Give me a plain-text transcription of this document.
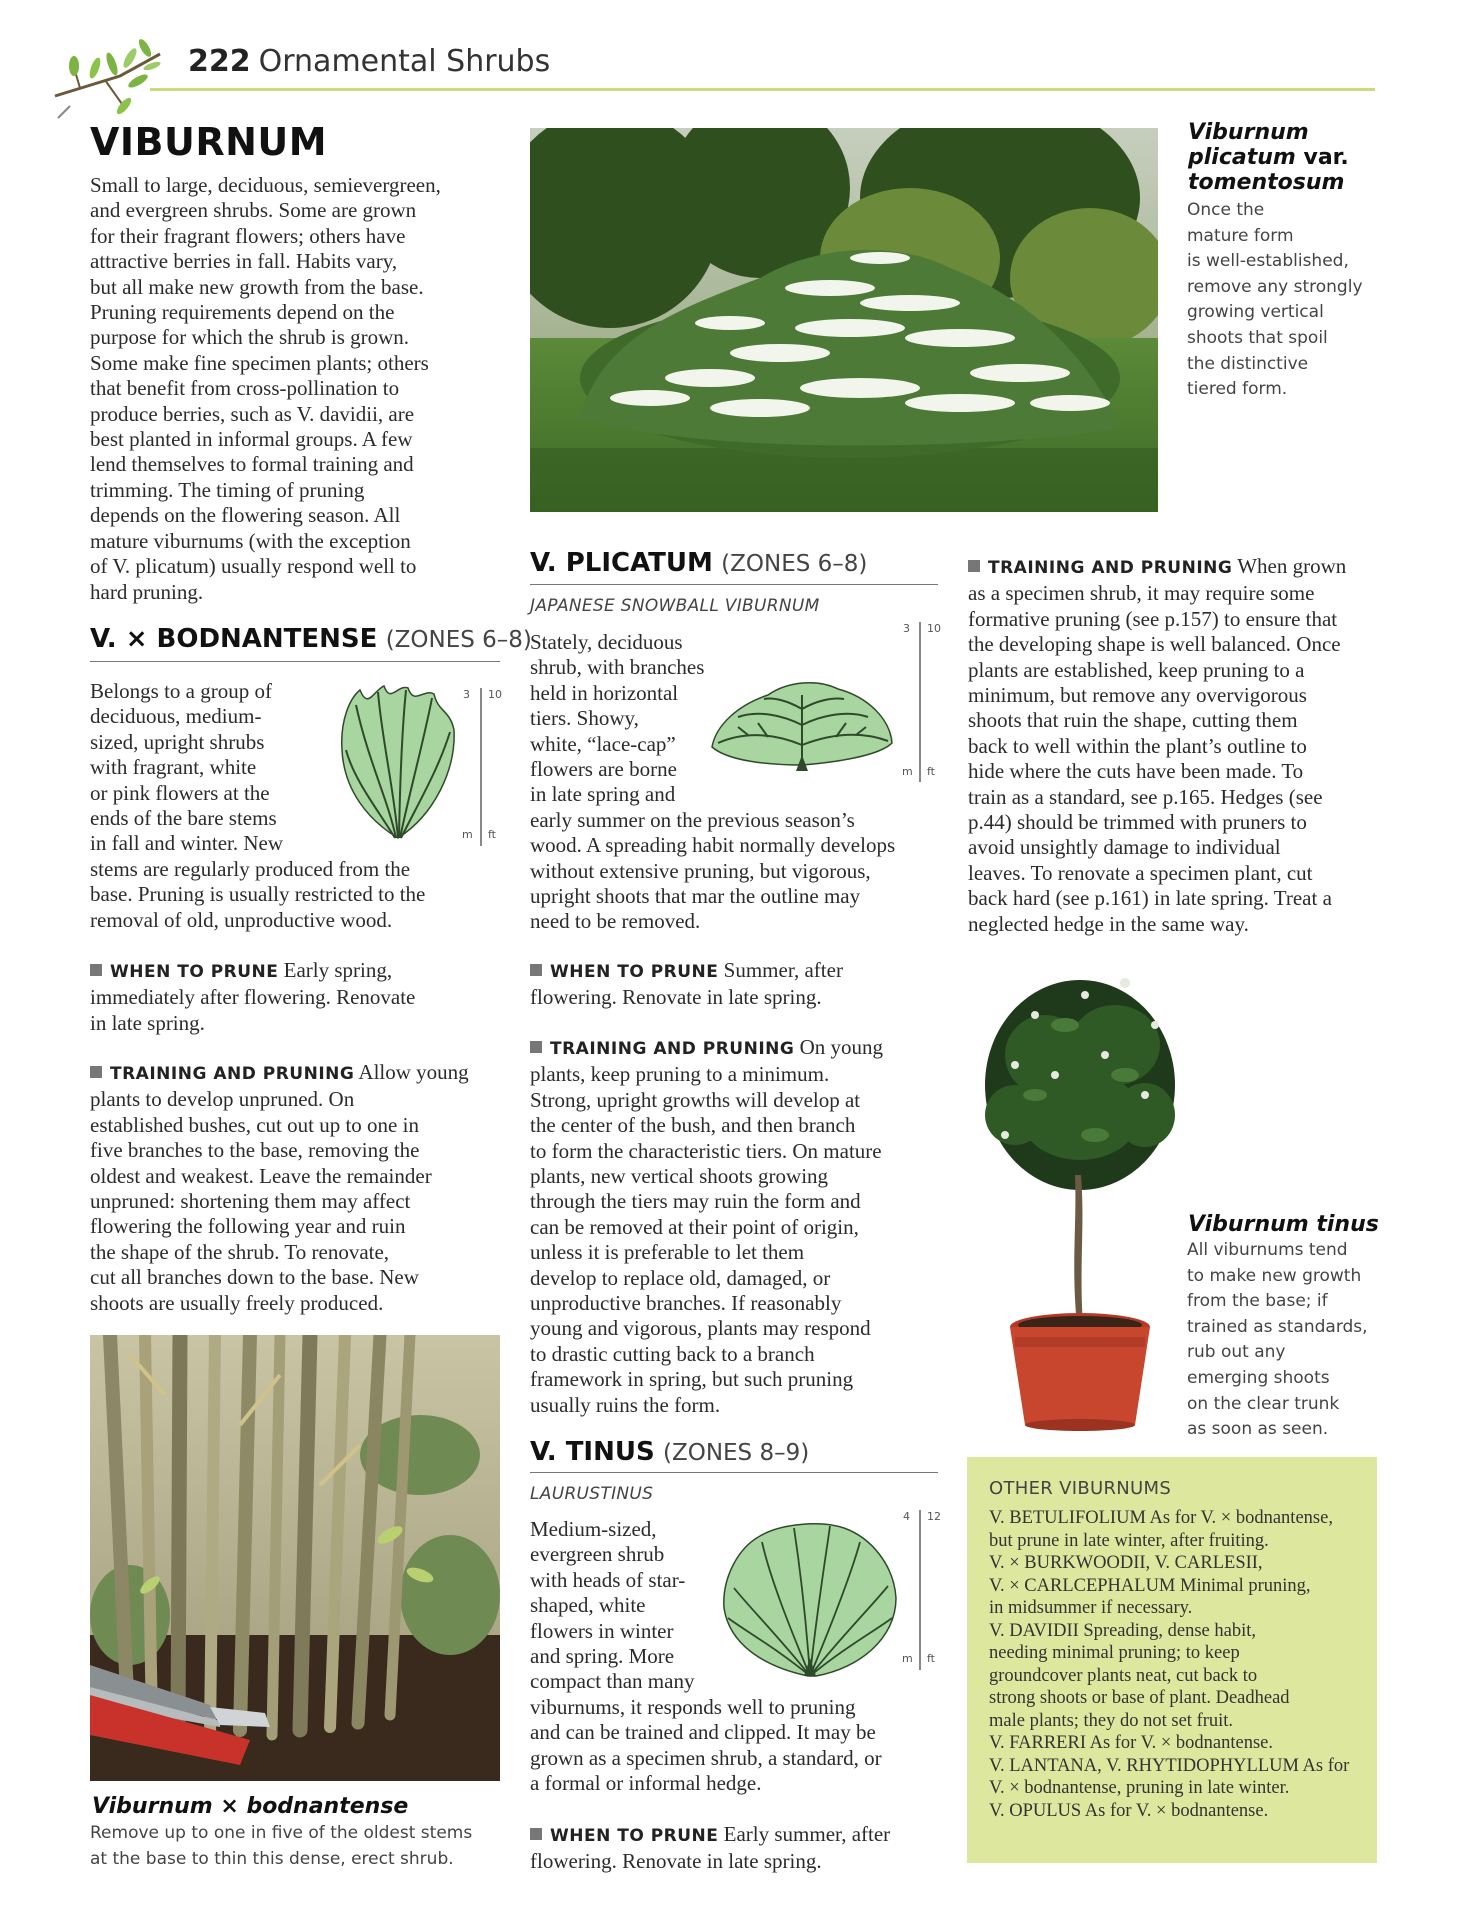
222 Ornamental Shrubs
VIBURNUM
Small to large, deciduous, semievergreen,
and evergreen shrubs. Some are grown
for their fragrant flowers; others have
attractive berries in fall. Habits vary,
but all make new growth from the base.
Pruning requirements depend on the
purpose for which the shrub is grown.
Some make fine specimen plants; others
that benefit from cross-pollination to
produce berries, such as V. davidii, are
best planted in informal groups. A few
lend themselves to formal training and
trimming. The timing of pruning
depends on the flowering season. All
mature viburnums (with the exception
of V. plicatum) usually respond well to
hard pruning.
V. × BODNANTENSE (ZONES 6–8)
Belongs to a group of
deciduous, medium-
sized, upright shrubs
with fragrant, white
or pink flowers at the
ends of the bare stems
in fall and winter. New
stems are regularly produced from the
base. Pruning is usually restricted to the
removal of old, unproductive wood.
3 10
m ft
WHEN TO PRUNE Early spring,
immediately after flowering. Renovate
in late spring.
TRAINING AND PRUNING Allow young
plants to develop unpruned. On
established bushes, cut out up to one in
five branches to the base, removing the
oldest and weakest. Leave the remainder
unpruned: shortening them may affect
flowering the following year and ruin
the shape of the shrub. To renovate,
cut all branches down to the base. New
shoots are usually freely produced.
Viburnum × bodnantense
Remove up to one in five of the oldest stems
at the base to thin this dense, erect shrub.
Viburnum
plicatum var.
tomentosum
Once the
mature form
is well-established,
remove any strongly
growing vertical
shoots that spoil
the distinctive
tiered form.
V. PLICATUM (ZONES 6–8)
JAPANESE SNOWBALL VIBURNUM
Stately, deciduous
shrub, with branches
held in horizontal
tiers. Showy,
white, “lace-cap”
flowers are borne
in late spring and
early summer on the previous season’s
wood. A spreading habit normally develops
without extensive pruning, but vigorous,
upright shoots that mar the outline may
need to be removed.
3 10
m ft
WHEN TO PRUNE Summer, after
flowering. Renovate in late spring.
TRAINING AND PRUNING On young
plants, keep pruning to a minimum.
Strong, upright growths will develop at
the center of the bush, and then branch
to form the characteristic tiers. On mature
plants, new vertical shoots growing
through the tiers may ruin the form and
can be removed at their point of origin,
unless it is preferable to let them
develop to replace old, damaged, or
unproductive branches. If reasonably
young and vigorous, plants may respond
to drastic cutting back to a branch
framework in spring, but such pruning
usually ruins the form.
V. TINUS (ZONES 8–9)
LAURUSTINUS
Medium-sized,
evergreen shrub
with heads of star-
shaped, white
flowers in winter
and spring. More
compact than many
viburnums, it responds well to pruning
and can be trained and clipped. It may be
grown as a specimen shrub, a standard, or
a formal or informal hedge.
4 12
m ft
WHEN TO PRUNE Early summer, after
flowering. Renovate in late spring.
TRAINING AND PRUNING When grown
as a specimen shrub, it may require some
formative pruning (see p.157) to ensure that
the developing shape is well balanced. Once
plants are established, keep pruning to a
minimum, but remove any overvigorous
shoots that ruin the shape, cutting them
back to well within the plant’s outline to
hide where the cuts have been made. To
train as a standard, see p.165. Hedges (see
p.44) should be trimmed with pruners to
avoid unsightly damage to individual
leaves. To renovate a specimen plant, cut
back hard (see p.161) in late spring. Treat a
neglected hedge in the same way.
Viburnum tinus
All viburnums tend
to make new growth
from the base; if
trained as standards,
rub out any
emerging shoots
on the clear trunk
as soon as seen.
OTHER VIBURNUMS
V. BETULIFOLIUM As for V. × bodnantense,
but prune in late winter, after fruiting.
V. × BURKWOODII, V. CARLESII,
V. × CARLCEPHALUM Minimal pruning,
in midsummer if necessary.
V. DAVIDII Spreading, dense habit,
needing minimal pruning; to keep
groundcover plants neat, cut back to
strong shoots or base of plant. Deadhead
male plants; they do not set fruit.
V. FARRERI As for V. × bodnantense.
V. LANTANA, V. RHYTIDOPHYLLUM As for
V. × bodnantense, pruning in late winter.
V. OPULUS As for V. × bodnantense.
